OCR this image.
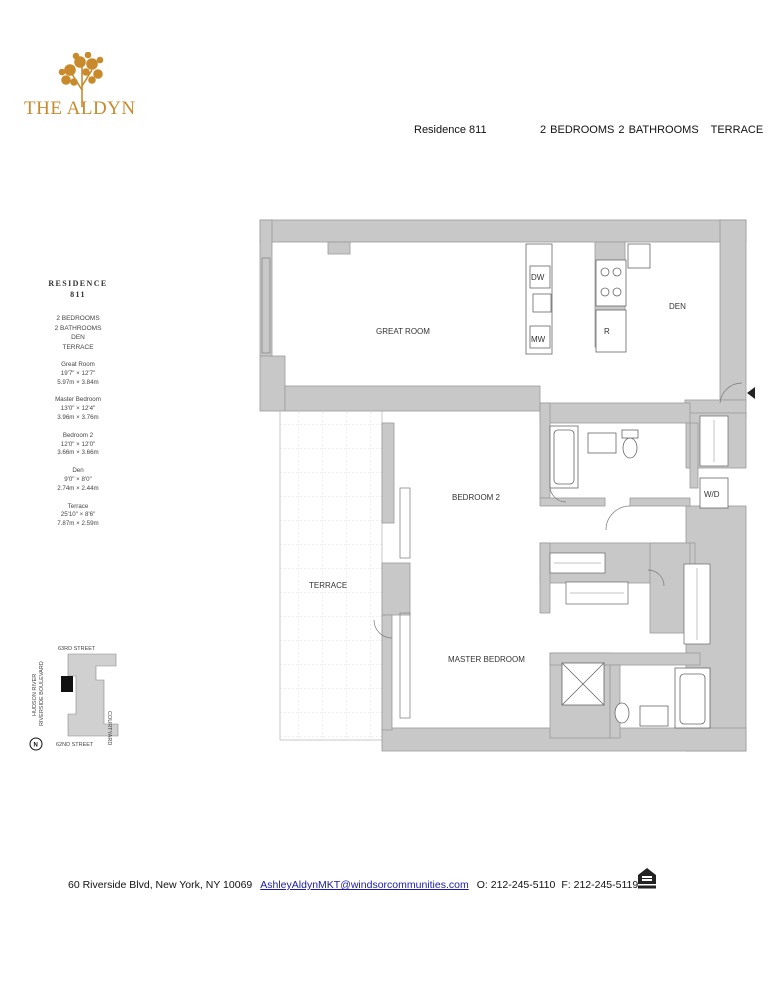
THE ALDYN
Residence 811	2 BEDROOMS 2 BATHROOMS   TERRACE
RESIDENCE
811
2 BEDROOMS
2 BATHROOMS
DEN
TERRACE
Great Room
19'7" × 12'7"
5.97m × 3.84m
Master Bedroom
13'0" × 12'4"
3.96m × 3.76m
Bedroom 2
12'0" × 12'0"
3.66m × 3.66m
Den
9'0" × 8'0"
2.74m × 2.44m
Terrace
25'10" × 8'6"
7.87m × 2.59m
GREAT ROOM
DEN
BEDROOM 2
TERRACE
MASTER BEDROOM
DW
MW
R
W/D
63RD STREET
62ND STREET
HUDSON RIVER RIVERSIDE BOULEVARD
COURTYARD
N
60 Riverside Blvd, New York, NY 10069 AshleyAldynMKT@windsorcommunities.com O: 212-245-5110 F: 212-245-5119
